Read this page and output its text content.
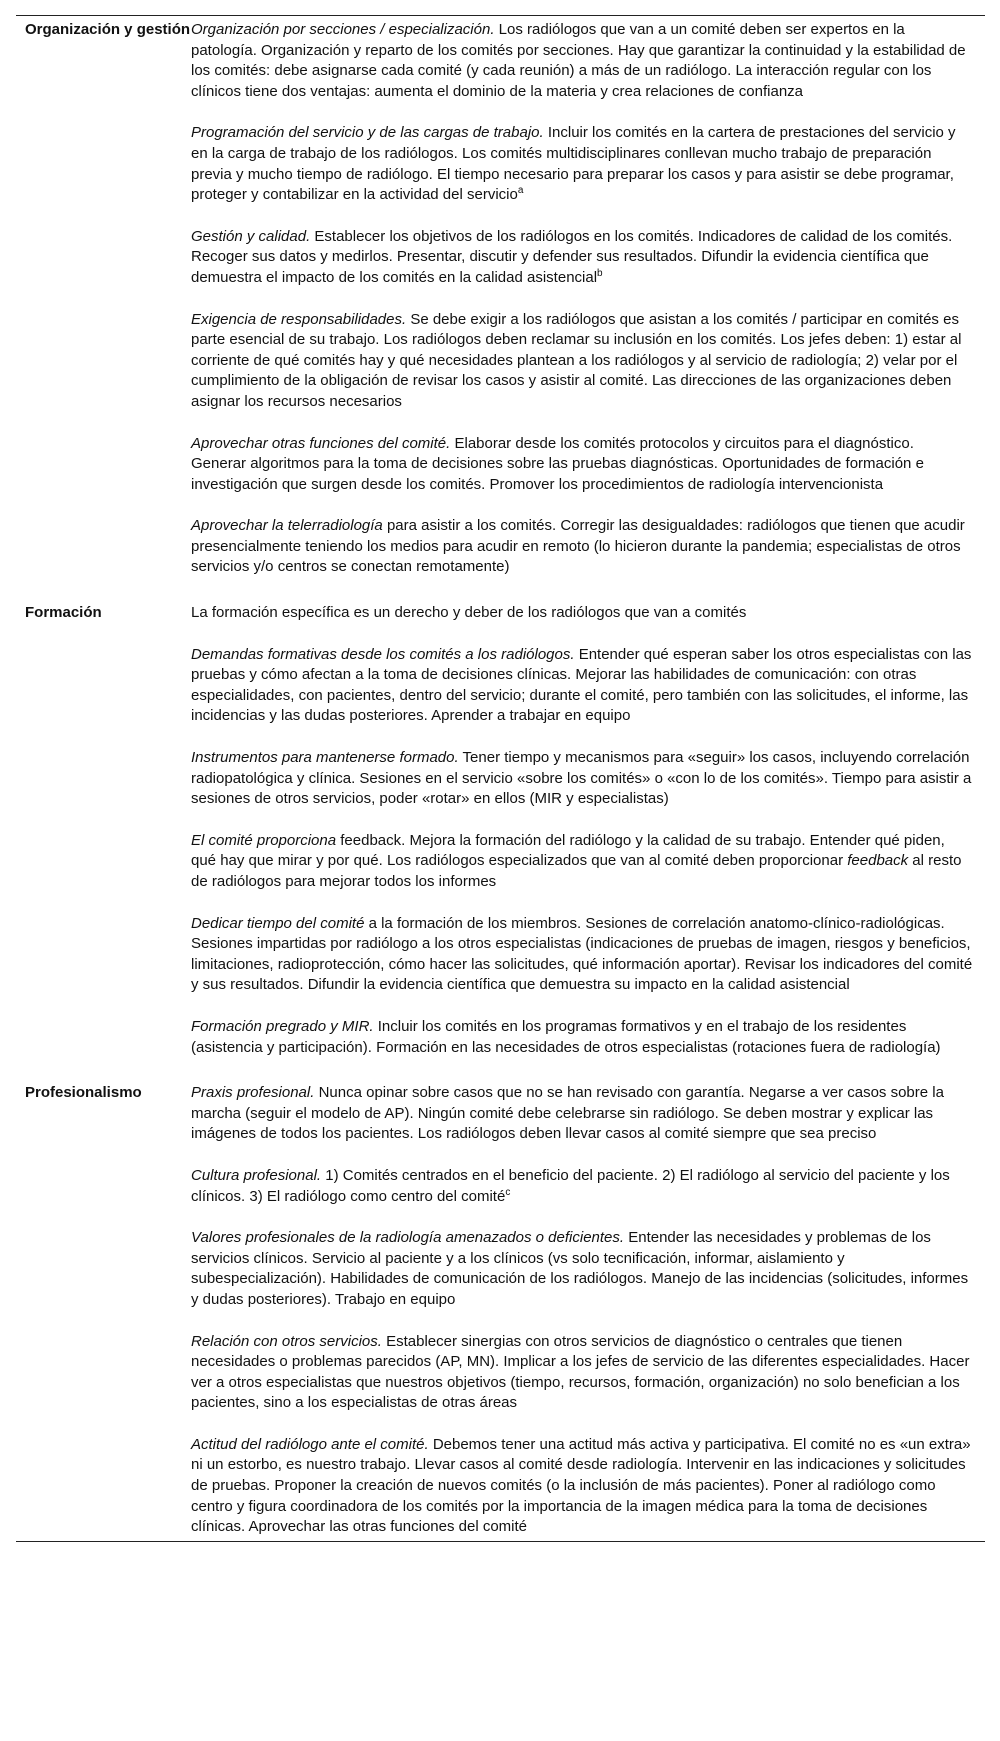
Organización y gestión Organización por secciones / especialización. Los radiólogos que van a un comité deben ser expertos en la patología. Organización y reparto de los comités por secciones. Hay que garantizar la continuidad y la estabilidad de los comités: debe asignarse cada comité (y cada reunión) a más de un radiólogo. La interacción regular con los clínicos tiene dos ventajas: aumenta el dominio de la materia y crea relaciones de confianza

Programación del servicio y de las cargas de trabajo. Incluir los comités en la cartera de prestaciones del servicio y en la carga de trabajo de los radiólogos. Los comités multidisciplinares conllevan mucho trabajo de preparación previa y mucho tiempo de radiólogo. El tiempo necesario para preparar los casos y para asistir se debe programar, proteger y contabilizar en la actividad del servicio$^a$

Gestión y calidad. Establecer los objetivos de los radiólogos en los comités. Indicadores de calidad de los comités. Recoger sus datos y medirlos. Presentar, discutir y defender sus resultados. Difundir la evidencia científica que demuestra el impacto de los comités en la calidad asistencial$^b$

Exigencia de responsabilidades. Se debe exigir a los radiólogos que asistan a los comités / participar en comités es parte esencial de su trabajo. Los radiólogos deben reclamar su inclusión en los comités. Los jefes deben: 1) estar al corriente de qué comités hay y qué necesidades plantean a los radiólogos y al servicio de radiología; 2) velar por el cumplimiento de la obligación de revisar los casos y asistir al comité. Las direcciones de las organizaciones deben asignar los recursos necesarios

Aprovechar otras funciones del comité. Elaborar desde los comités protocolos y circuitos para el diagnóstico. Generar algoritmos para la toma de decisiones sobre las pruebas diagnósticas. Oportunidades de formación e investigación que surgen desde los comités. Promover los procedimientos de radiología intervencionista

Aprovechar la telerradiología para asistir a los comités. Corregir las desigualdades: radiólogos que tienen que acudir presencialmente teniendo los medios para acudir en remoto (lo hicieron durante la pandemia; especialistas de otros servicios y/o centros se conectan remotamente)

Formación	La formación específica es un derecho y deber de los radiólogos que van a comités

Demandas formativas desde los comités a los radiólogos. Entender qué esperan saber los otros especialistas con las pruebas y cómo afectan a la toma de decisiones clínicas. Mejorar las habilidades de comunicación: con otras especialidades, con pacientes, dentro del servicio; durante el comité, pero también con las solicitudes, el informe, las incidencias y las dudas posteriores. Aprender a trabajar en equipo

Instrumentos para mantenerse formado. Tener tiempo y mecanismos para «seguir» los casos, incluyendo correlación radiopatológica y clínica. Sesiones en el servicio «sobre los comités» o «con lo de los comités». Tiempo para asistir a sesiones de otros servicios, poder «rotar» en ellos (MIR y especialistas)

El comité proporciona feedback. Mejora la formación del radiólogo y la calidad de su trabajo. Entender qué piden, qué hay que mirar y por qué. Los radiólogos especializados que van al comité deben proporcionar feedback al resto de radiólogos para mejorar todos los informes

Dedicar tiempo del comité a la formación de los miembros. Sesiones de correlación anatomo-clínico-radiológicas. Sesiones impartidas por radiólogo a los otros especialistas (indicaciones de pruebas de imagen, riesgos y beneficios, limitaciones, radioprotección, cómo hacer las solicitudes, qué información aportar). Revisar los indicadores del comité y sus resultados. Difundir la evidencia científica que demuestra su impacto en la calidad asistencial

Formación pregrado y MIR. Incluir los comités en los programas formativos y en el trabajo de los residentes (asistencia y participación). Formación en las necesidades de otros especialistas (rotaciones fuera de radiología)

Profesionalismo	Praxis profesional. Nunca opinar sobre casos que no se han revisado con garantía. Negarse a ver casos sobre la marcha (seguir el modelo de AP). Ningún comité debe celebrarse sin radiólogo. Se deben mostrar y explicar las imágenes de todos los pacientes. Los radiólogos deben llevar casos al comité siempre que sea preciso

Cultura profesional. 1) Comités centrados en el beneficio del paciente. 2) El radiólogo al servicio del paciente y los clínicos. 3) El radiólogo como centro del comité$^c$

Valores profesionales de la radiología amenazados o deficientes. Entender las necesidades y problemas de los servicios clínicos. Servicio al paciente y a los clínicos (vs solo tecnificación, informar, aislamiento y subespecialización). Habilidades de comunicación de los radiólogos. Manejo de las incidencias (solicitudes, informes y dudas posteriores). Trabajo en equipo

Relación con otros servicios. Establecer sinergias con otros servicios de diagnóstico o centrales que tienen necesidades o problemas parecidos (AP, MN). Implicar a los jefes de servicio de las diferentes especialidades. Hacer ver a otros especialistas que nuestros objetivos (tiempo, recursos, formación, organización) no solo benefician a los pacientes, sino a los especialistas de otras áreas

Actitud del radiólogo ante el comité. Debemos tener una actitud más activa y participativa. El comité no es «un extra» ni un estorbo, es nuestro trabajo. Llevar casos al comité desde radiología. Intervenir en las indicaciones y solicitudes de pruebas. Proponer la creación de nuevos comités (o la inclusión de más pacientes). Poner al radiólogo como centro y figura coordinadora de los comités por la importancia de la imagen médica para la toma de decisiones clínicas. Aprovechar las otras funciones del comité
